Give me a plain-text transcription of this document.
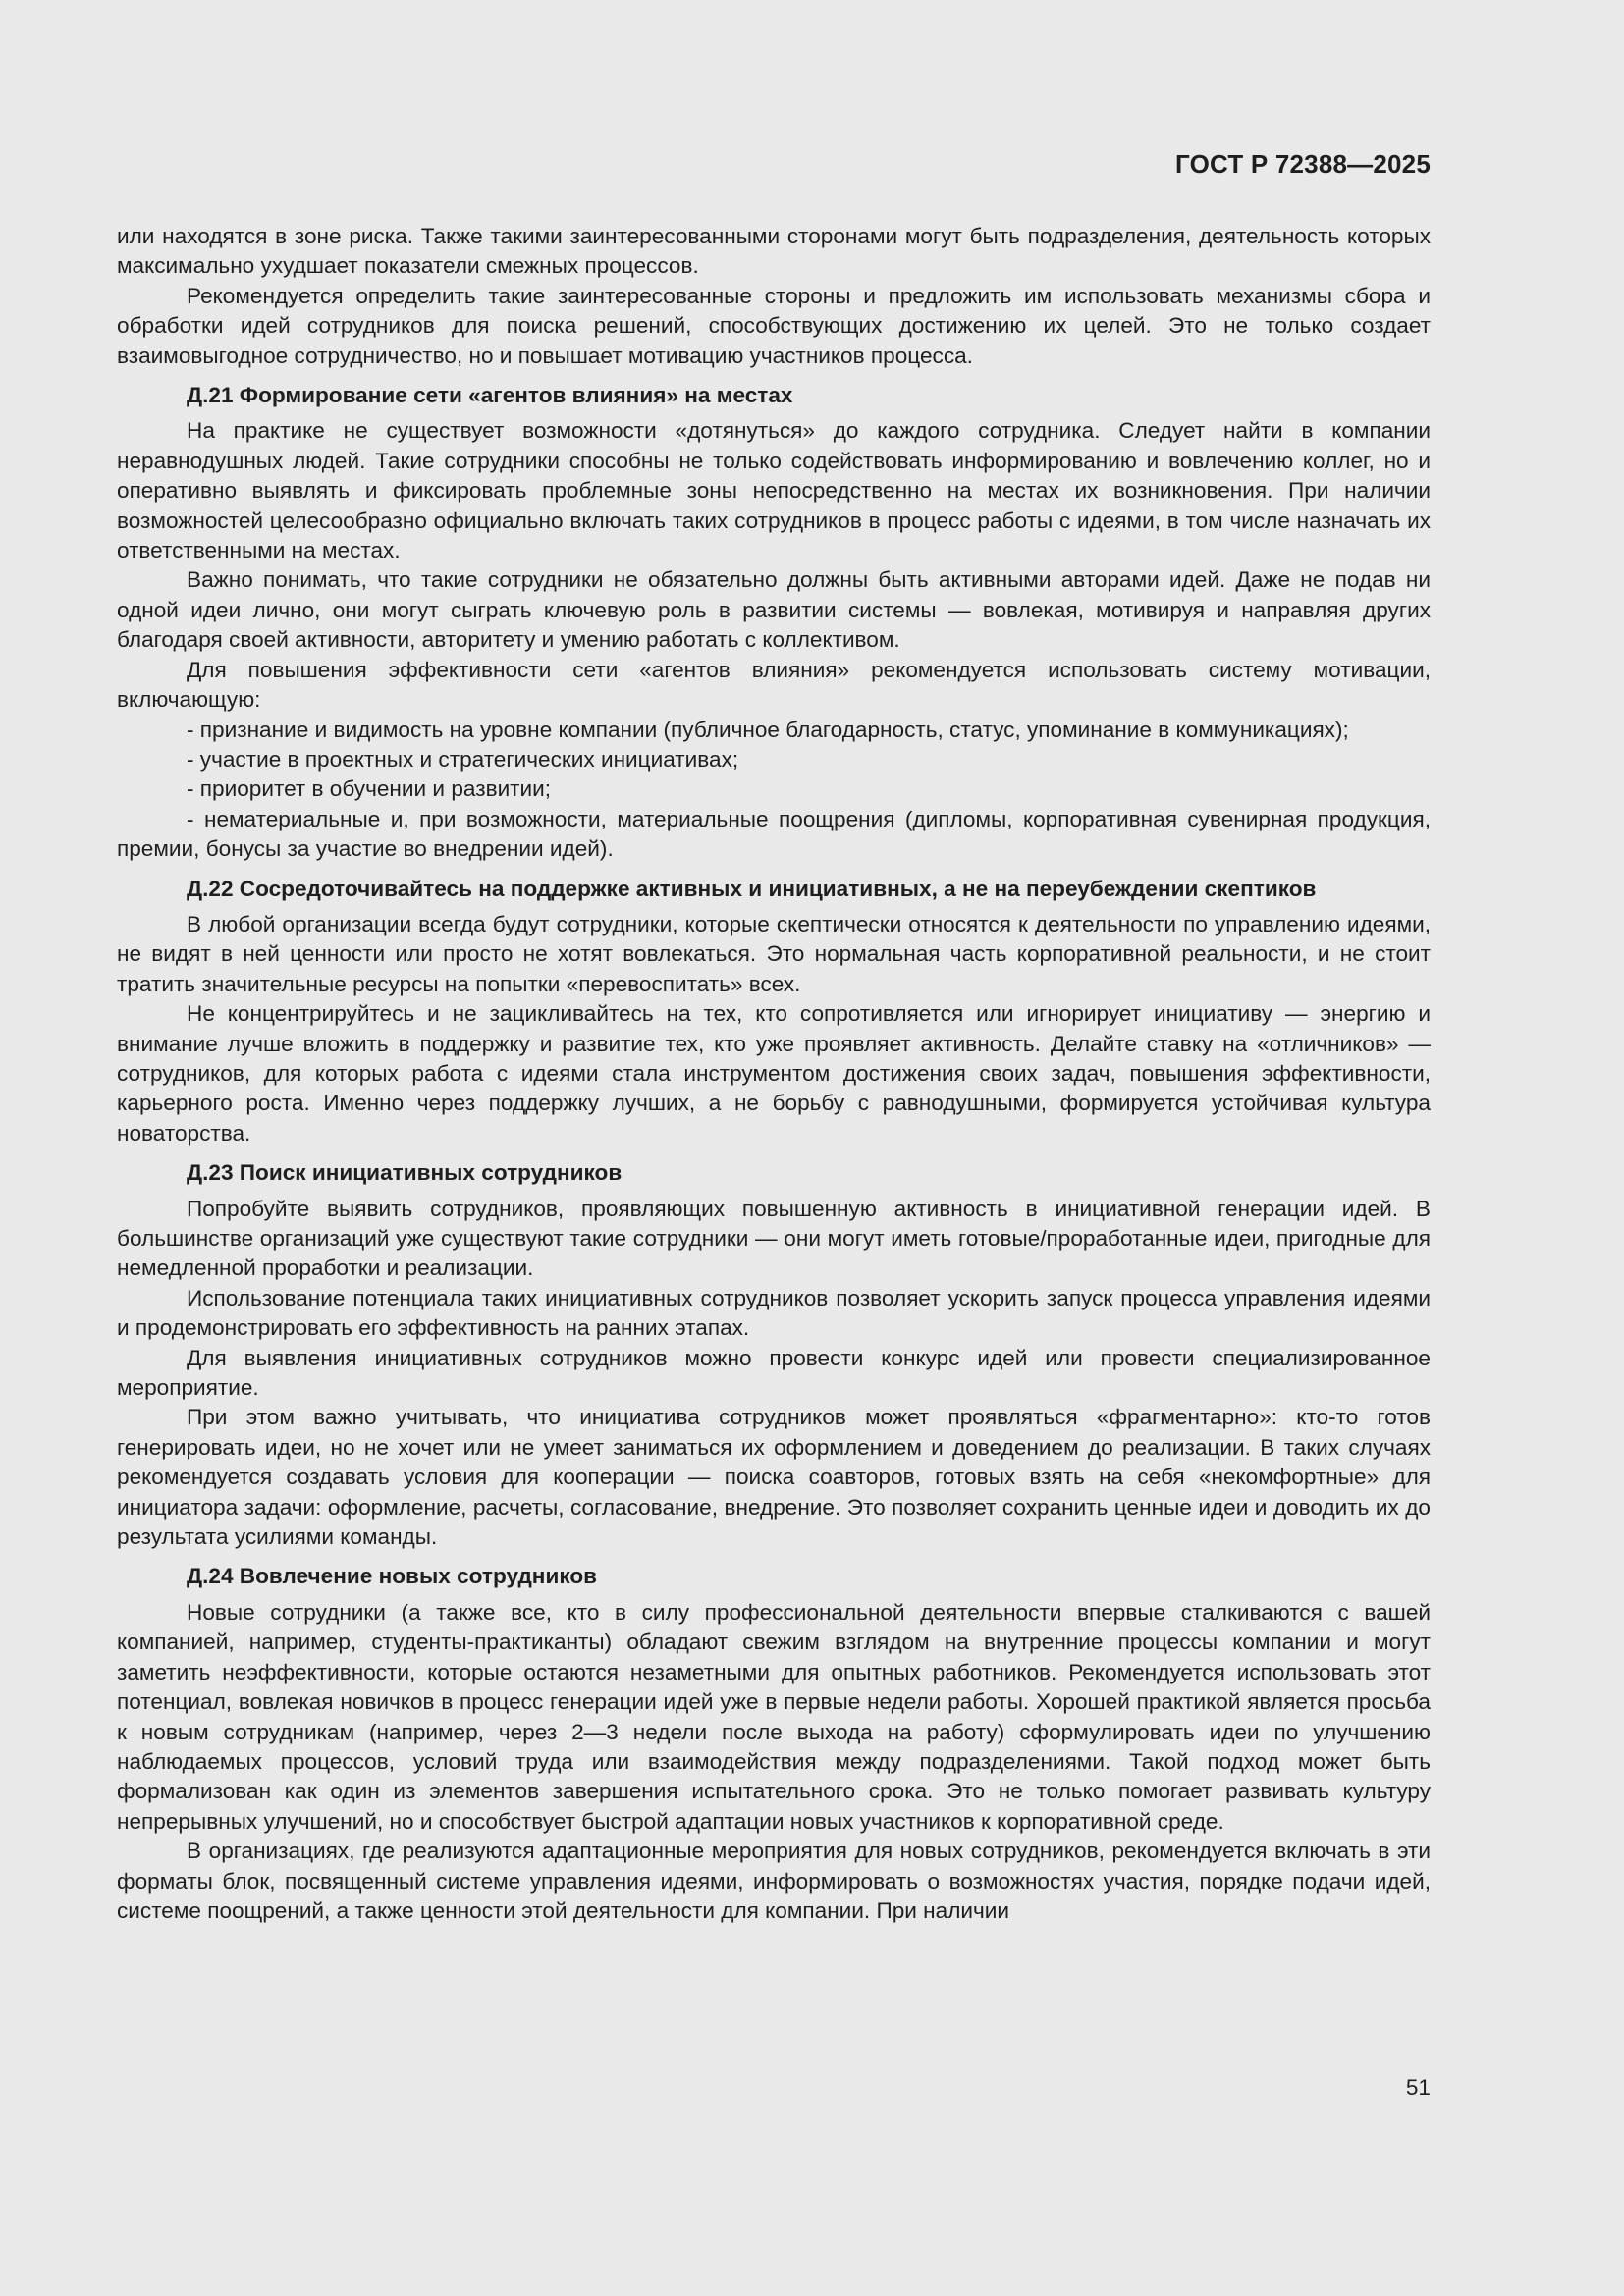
ГОСТ Р 72388—2025

или находятся в зоне риска. Также такими заинтересованными сторонами могут быть подразделения, деятельность которых максимально ухудшает показатели смежных процессов.

Рекомендуется определить такие заинтересованные стороны и предложить им использовать механизмы сбора и обработки идей сотрудников для поиска решений, способствующих достижению их целей. Это не только создает взаимовыгодное сотрудничество, но и повышает мотивацию участников процесса.

Д.21 Формирование сети «агентов влияния» на местах

На практике не существует возможности «дотянуться» до каждого сотрудника. Следует найти в компании неравнодушных людей. Такие сотрудники способны не только содействовать информированию и вовлечению коллег, но и оперативно выявлять и фиксировать проблемные зоны непосредственно на местах их возникновения. При наличии возможностей целесообразно официально включать таких сотрудников в процесс работы с идеями, в том числе назначать их ответственными на местах.

Важно понимать, что такие сотрудники не обязательно должны быть активными авторами идей. Даже не подав ни одной идеи лично, они могут сыграть ключевую роль в развитии системы — вовлекая, мотивируя и направляя других благодаря своей активности, авторитету и умению работать с коллективом.

Для повышения эффективности сети «агентов влияния» рекомендуется использовать систему мотивации, включающую:

- признание и видимость на уровне компании (публичное благодарность, статус, упоминание в коммуникациях);

- участие в проектных и стратегических инициативах;

- приоритет в обучении и развитии;

- нематериальные и, при возможности, материальные поощрения (дипломы, корпоративная сувенирная продукция, премии, бонусы за участие во внедрении идей).

Д.22 Сосредоточивайтесь на поддержке активных и инициативных, а не на переубеждении скептиков

В любой организации всегда будут сотрудники, которые скептически относятся к деятельности по управлению идеями, не видят в ней ценности или просто не хотят вовлекаться. Это нормальная часть корпоративной реальности, и не стоит тратить значительные ресурсы на попытки «перевоспитать» всех.

Не концентрируйтесь и не зацикливайтесь на тех, кто сопротивляется или игнорирует инициативу — энергию и внимание лучше вложить в поддержку и развитие тех, кто уже проявляет активность. Делайте ставку на «отличников» — сотрудников, для которых работа с идеями стала инструментом достижения своих задач, повышения эффективности, карьерного роста. Именно через поддержку лучших, а не борьбу с равнодушными, формируется устойчивая культура новаторства.

Д.23 Поиск инициативных сотрудников

Попробуйте выявить сотрудников, проявляющих повышенную активность в инициативной генерации идей. В большинстве организаций уже существуют такие сотрудники — они могут иметь готовые/проработанные идеи, пригодные для немедленной проработки и реализации.

Использование потенциала таких инициативных сотрудников позволяет ускорить запуск процесса управления идеями и продемонстрировать его эффективность на ранних этапах.

Для выявления инициативных сотрудников можно провести конкурс идей или провести специализированное мероприятие.

При этом важно учитывать, что инициатива сотрудников может проявляться «фрагментарно»: кто-то готов генерировать идеи, но не хочет или не умеет заниматься их оформлением и доведением до реализации. В таких случаях рекомендуется создавать условия для кооперации — поиска соавторов, готовых взять на себя «некомфортные» для инициатора задачи: оформление, расчеты, согласование, внедрение. Это позволяет сохранить ценные идеи и доводить их до результата усилиями команды.

Д.24 Вовлечение новых сотрудников

Новые сотрудники (а также все, кто в силу профессиональной деятельности впервые сталкиваются с вашей компанией, например, студенты-практиканты) обладают свежим взглядом на внутренние процессы компании и могут заметить неэффективности, которые остаются незаметными для опытных работников. Рекомендуется использовать этот потенциал, вовлекая новичков в процесс генерации идей уже в первые недели работы. Хорошей практикой является просьба к новым сотрудникам (например, через 2—3 недели после выхода на работу) сформулировать идеи по улучшению наблюдаемых процессов, условий труда или взаимодействия между подразделениями. Такой подход может быть формализован как один из элементов завершения испытательного срока. Это не только помогает развивать культуру непрерывных улучшений, но и способствует быстрой адаптации новых участников к корпоративной среде.

В организациях, где реализуются адаптационные мероприятия для новых сотрудников, рекомендуется включать в эти форматы блок, посвященный системе управления идеями, информировать о возможностях участия, порядке подачи идей, системе поощрений, а также ценности этой деятельности для компании. При наличии

51
